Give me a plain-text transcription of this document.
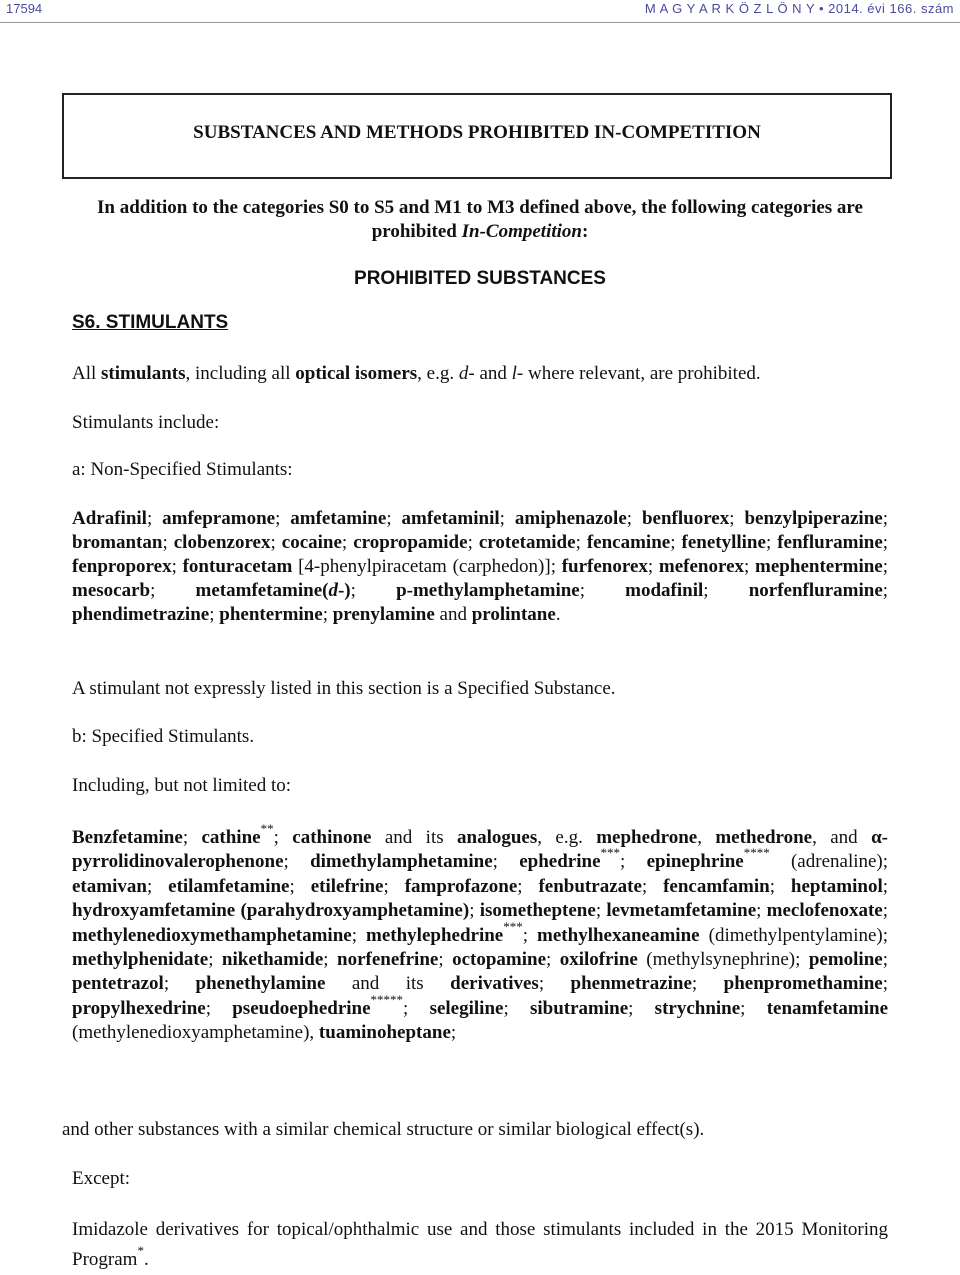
17594	M A G Y A R K Ö Z L Ö N Y • 2014. évi 166. szám
SUBSTANCES AND METHODS PROHIBITED IN-COMPETITION
In addition to the categories S0 to S5 and M1 to M3 defined above, the following categories are prohibited In-Competition:
PROHIBITED SUBSTANCES
S6. STIMULANTS
All stimulants, including all optical isomers, e.g. d- and l- where relevant, are prohibited.
Stimulants include:
a: Non-Specified Stimulants:
Adrafinil; amfepramone; amfetamine; amfetaminil; amiphenazole; benfluorex; benzylpiperazine; bromantan; clobenzorex; cocaine; cropropamide; crotetamide; fencamine; fenetylline; fenfluramine; fenproporex; fonturacetam [4-phenylpiracetam (carphedon)]; furfenorex; mefenorex; mephentermine; mesocarb; metamfetamine(d-); p-methylamphetamine; modafinil; norfenfluramine; phendimetrazine; phentermine; prenylamine and prolintane.
A stimulant not expressly listed in this section is a Specified Substance.
b: Specified Stimulants.
Including, but not limited to:
Benzfetamine; cathine**; cathinone and its analogues, e.g. mephedrone, methedrone, and α- pyrrolidinovalerophenone; dimethylamphetamine; ephedrine***; epinephrine**** (adrenaline); etamivan; etilamfetamine; etilefrine; famprofazone; fenbutrazate; fencamfamin; heptaminol; hydroxyamfetamine (parahydroxyamphetamine); isometheptene; levmetamfetamine; meclofenoxate; methylenedioxymethamphetamine; methylephedrine***; methylhexaneamine (dimethylpentylamine); methylphenidate; nikethamide; norfenefrine; octopamine; oxilofrine (methylsynephrine); pemoline; pentetrazol; phenethylamine and its derivatives; phenmetrazine; phenpromethamine; propylhexedrine; pseudoephedrine*****; selegiline; sibutramine; strychnine; tenamfetamine (methylenedioxyamphetamine), tuaminoheptane;
and other substances with a similar chemical structure or similar biological effect(s).
Except:
Imidazole derivatives for topical/ophthalmic use and those stimulants included in the 2015 Monitoring Program*.
